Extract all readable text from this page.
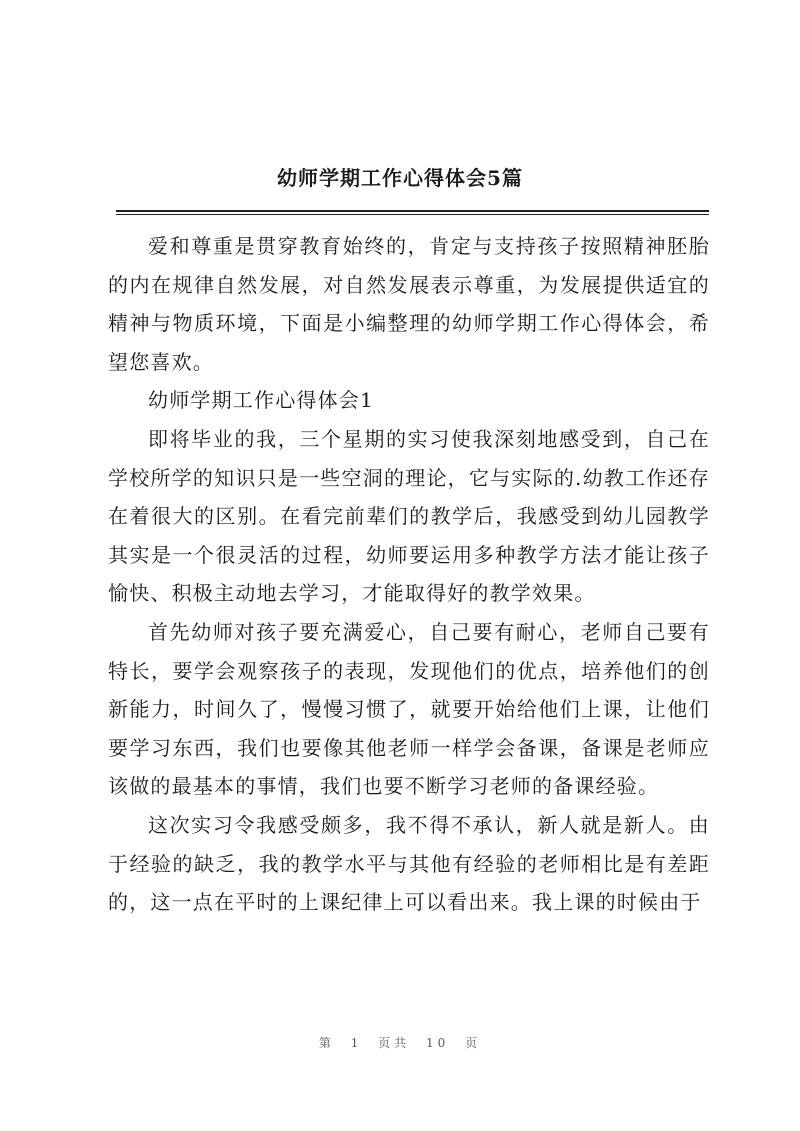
幼师学期工作心得体会5篇

爱和尊重是贯穿教育始终的，肯定与支持孩子按照精神胚胎的内在规律自然发展，对自然发展表示尊重，为发展提供适宜的精神与物质环境，下面是小编整理的幼师学期工作心得体会，希望您喜欢。

幼师学期工作心得体会1

即将毕业的我，三个星期的实习使我深刻地感受到，自己在学校所学的知识只是一些空洞的理论，它与实际的.幼教工作还存在着很大的区别。在看完前辈们的教学后，我感受到幼儿园教学其实是一个很灵活的过程，幼师要运用多种教学方法才能让孩子愉快、积极主动地去学习，才能取得好的教学效果。

首先幼师对孩子要充满爱心，自己要有耐心，老师自己要有特长，要学会观察孩子的表现，发现他们的优点，培养他们的创新能力，时间久了，慢慢习惯了，就要开始给他们上课，让他们要学习东西，我们也要像其他老师一样学会备课，备课是老师应该做的最基本的事情，我们也要不断学习老师的备课经验。

这次实习令我感受颇多，我不得不承认，新人就是新人。由于经验的缺乏，我的教学水平与其他有经验的老师相比是有差距的，这一点在平时的上课纪律上可以看出来。我上课的时候由于

第 1 页共 10 页
